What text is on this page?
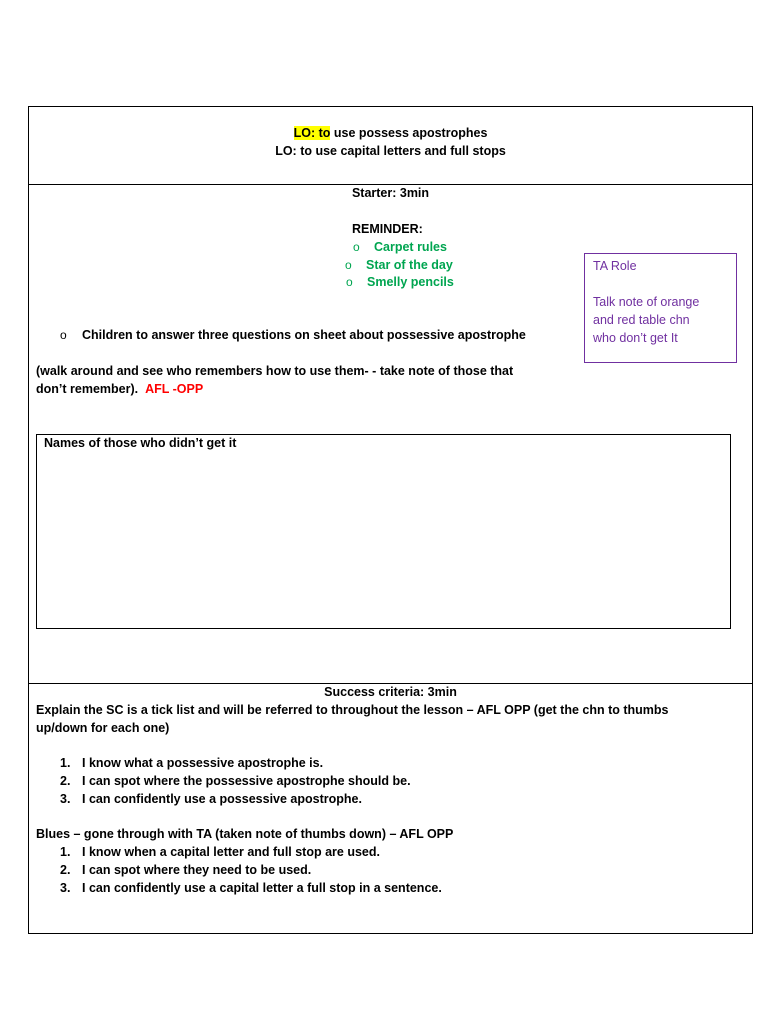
LO: to use possess apostrophes
LO: to use capital letters and full stops
Starter: 3min
REMINDER:
o Carpet rules
o Star of the day
o Smelly pencils
TA Role
Talk note of orange
and red table chn
who don’t get It
o Children to answer three questions on sheet about possessive apostrophe
(walk around and see who remembers how to use them- - take note of those that
don’t remember). AFL -OPP
Names of those who didn’t get it
Success criteria: 3min
Explain the SC is a tick list and will be referred to throughout the lesson – AFL OPP (get the chn to thumbs
up/down for each one)
1. I know what a possessive apostrophe is.
2. I can spot where the possessive apostrophe should be.
3. I can confidently use a possessive apostrophe.
Blues – gone through with TA (taken note of thumbs down) – AFL OPP
1. I know when a capital letter and full stop are used.
2. I can spot where they need to be used.
3. I can confidently use a capital letter a full stop in a sentence.
